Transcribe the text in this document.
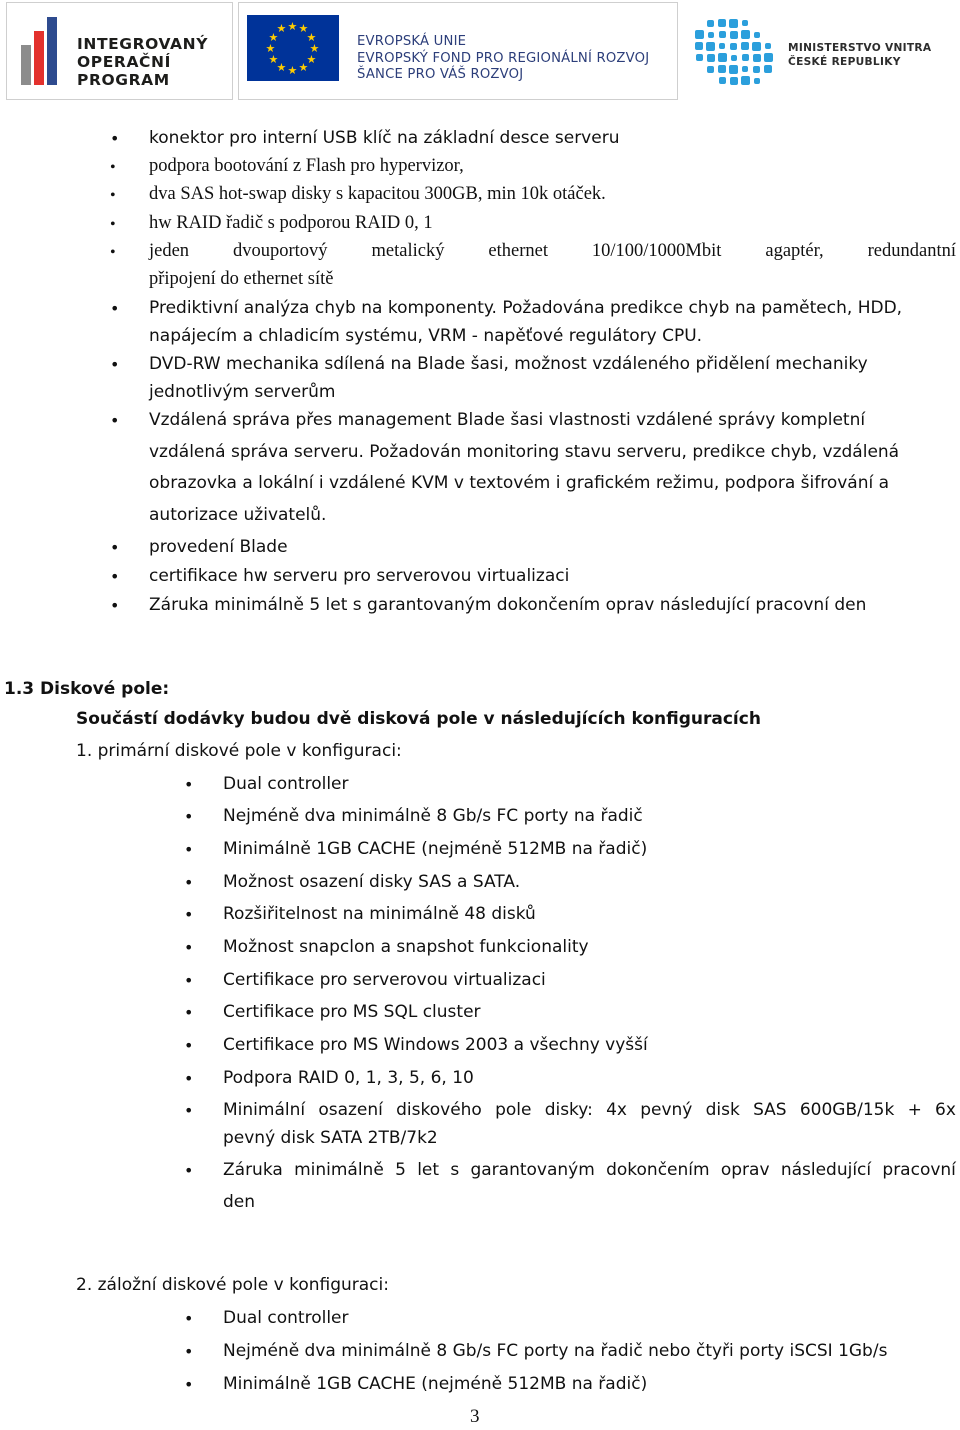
INTEGROVANÝ
OPERAČNÍ
PROGRAM
★ ★
★
★
★
★
★
★
★
★
★
★
EVROPSKÁ UNIE
EVROPSKÝ FOND PRO REGIONÁLNÍ ROZVOJ
ŠANCE PRO VÁŠ ROZVOJ
MINISTERSTVO VNITRA
ČESKÉ REPUBLIKY
• konektor pro interní USB klíč na základní desce serveru
• podpora bootování z Flash pro hypervizor,
• dva SAS hot-swap disky s kapacitou 300GB, min 10k otáček.
• hw RAID řadič s podporou RAID 0, 1
• jeden dvouportový metalický ethernet 10/100/1000Mbit agaptér, redundantní
připojení do ethernet sítě
• Prediktivní analýza chyb na komponenty. Požadována predikce chyb na pamětech, HDD,
napájecím a chladicím systému, VRM - napěťové regulátory CPU.
• DVD-RW mechanika sdílená na Blade šasi, možnost vzdáleného přidělení mechaniky
jednotlivým serverům
• Vzdálená správa přes management Blade šasi vlastnosti vzdálené správy kompletní
vzdálená správa serveru. Požadován monitoring stavu serveru, predikce chyb, vzdálená
obrazovka a lokální i vzdálené KVM v textovém i grafickém režimu, podpora šifrování a
autorizace uživatelů.
• provedení Blade
• certifikace hw serveru pro serverovou virtualizaci
• Záruka minimálně 5 let s garantovaným dokončením oprav následující pracovní den
1.3 Diskové pole:
Součástí dodávky budou dvě disková pole v následujících konfiguracích
1. primární diskové pole v konfiguraci:
• Dual controller
• Nejméně dva minimálně 8 Gb/s FC porty na řadič
• Minimálně 1GB CACHE (nejméně 512MB na řadič)
• Možnost osazení disky SAS a SATA.
• Rozšiřitelnost na minimálně 48 disků
• Možnost snapclon a snapshot funkcionality
• Certifikace pro serverovou virtualizaci
• Certifikace pro MS SQL cluster
• Certifikace pro MS Windows 2003 a všechny vyšší
• Podpora RAID 0, 1, 3, 5, 6, 10
• Minimální osazení diskového pole disky: 4x pevný disk SAS 600GB/15k + 6x
pevný disk SATA 2TB/7k2
• Záruka minimálně 5 let s garantovaným dokončením oprav následující pracovní
den
2. záložní diskové pole v konfiguraci:
• Dual controller
• Nejméně dva minimálně 8 Gb/s FC porty na řadič nebo čtyři porty iSCSI 1Gb/s
• Minimálně 1GB CACHE (nejméně 512MB na řadič)
3
